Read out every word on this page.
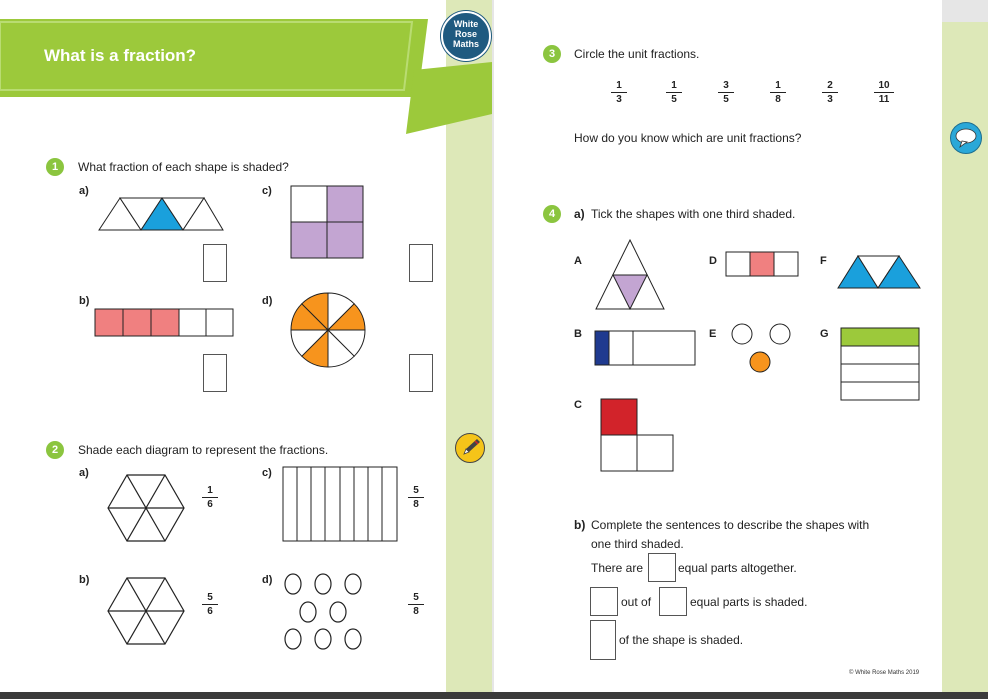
What is a fraction?
White
Rose
Maths
1	What fraction of each shape is shaded?
a)	c)
b)	d)
2	Shade each diagram to represent the fractions.
a)	c)
b)	d)
$\frac{1}{6}$	$\frac{5}{8}$
$\frac{5}{6}$	$\frac{5}{8}$
3	Circle the unit fractions.
$\frac{1}{3}$	$\frac{1}{5}$	$\frac{3}{5}$	$\frac{1}{8}$	$\frac{2}{3}$	$\frac{10}{11}$
How do you know which are unit fractions?
4	a) Tick the shapes with one third shaded.
A	D	F
B	E	G
C
b) Complete the sentences to describe the shapes with
one third shaded.
There are	equal parts altogether.
out of	equal parts is shaded.
of the shape is shaded.
© White Rose Maths 2019
